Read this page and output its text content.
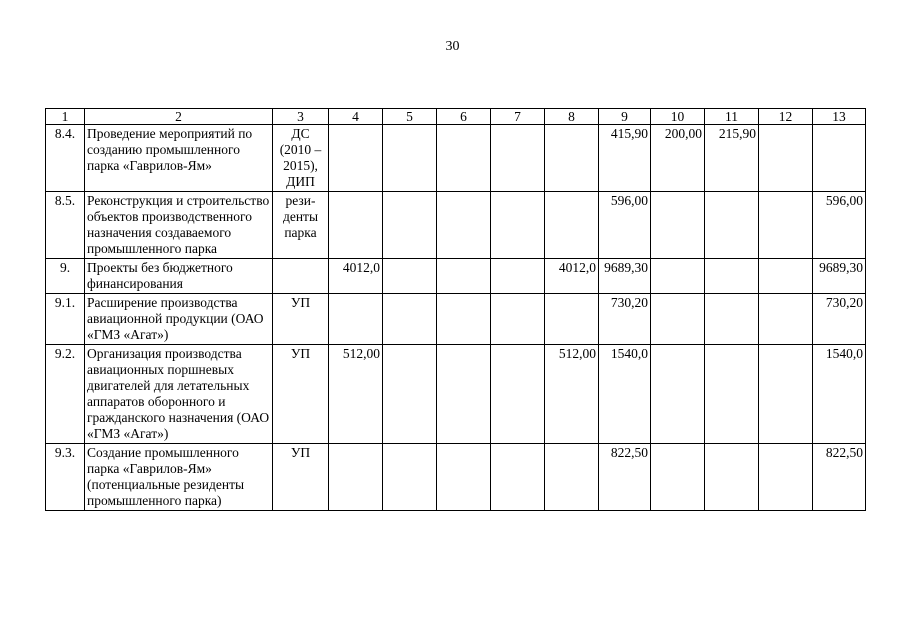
30
1	2	3	4	5	6	7	8	9	10	11	12	13
8.4.	Проведение мероприятий по созданию промышленного парка «Гаврилов-Ям»	ДС (2010 – 2015), ДИП						415,90	200,00	215,90		
8.5.	Реконструкция и строительство объектов производственного назначения создаваемого промышленного парка	рези-денты парка						596,00				596,00
9.	Проекты без бюджетного финансирования		4012,0				4012,0	9689,30				9689,30
9.1.	Расширение производства авиационной продукции (ОАО «ГМЗ «Агат»)	УП						730,20				730,20
9.2.	Организация производства авиационных поршневых двигателей для летательных аппаратов оборонного и гражданского назначения (ОАО «ГМЗ «Агат»)	УП	512,00				512,00	1540,0				1540,0
9.3.	Создание промышленного парка «Гаврилов-Ям» (потенциальные резиденты промышленного парка)	УП						822,50				822,50
